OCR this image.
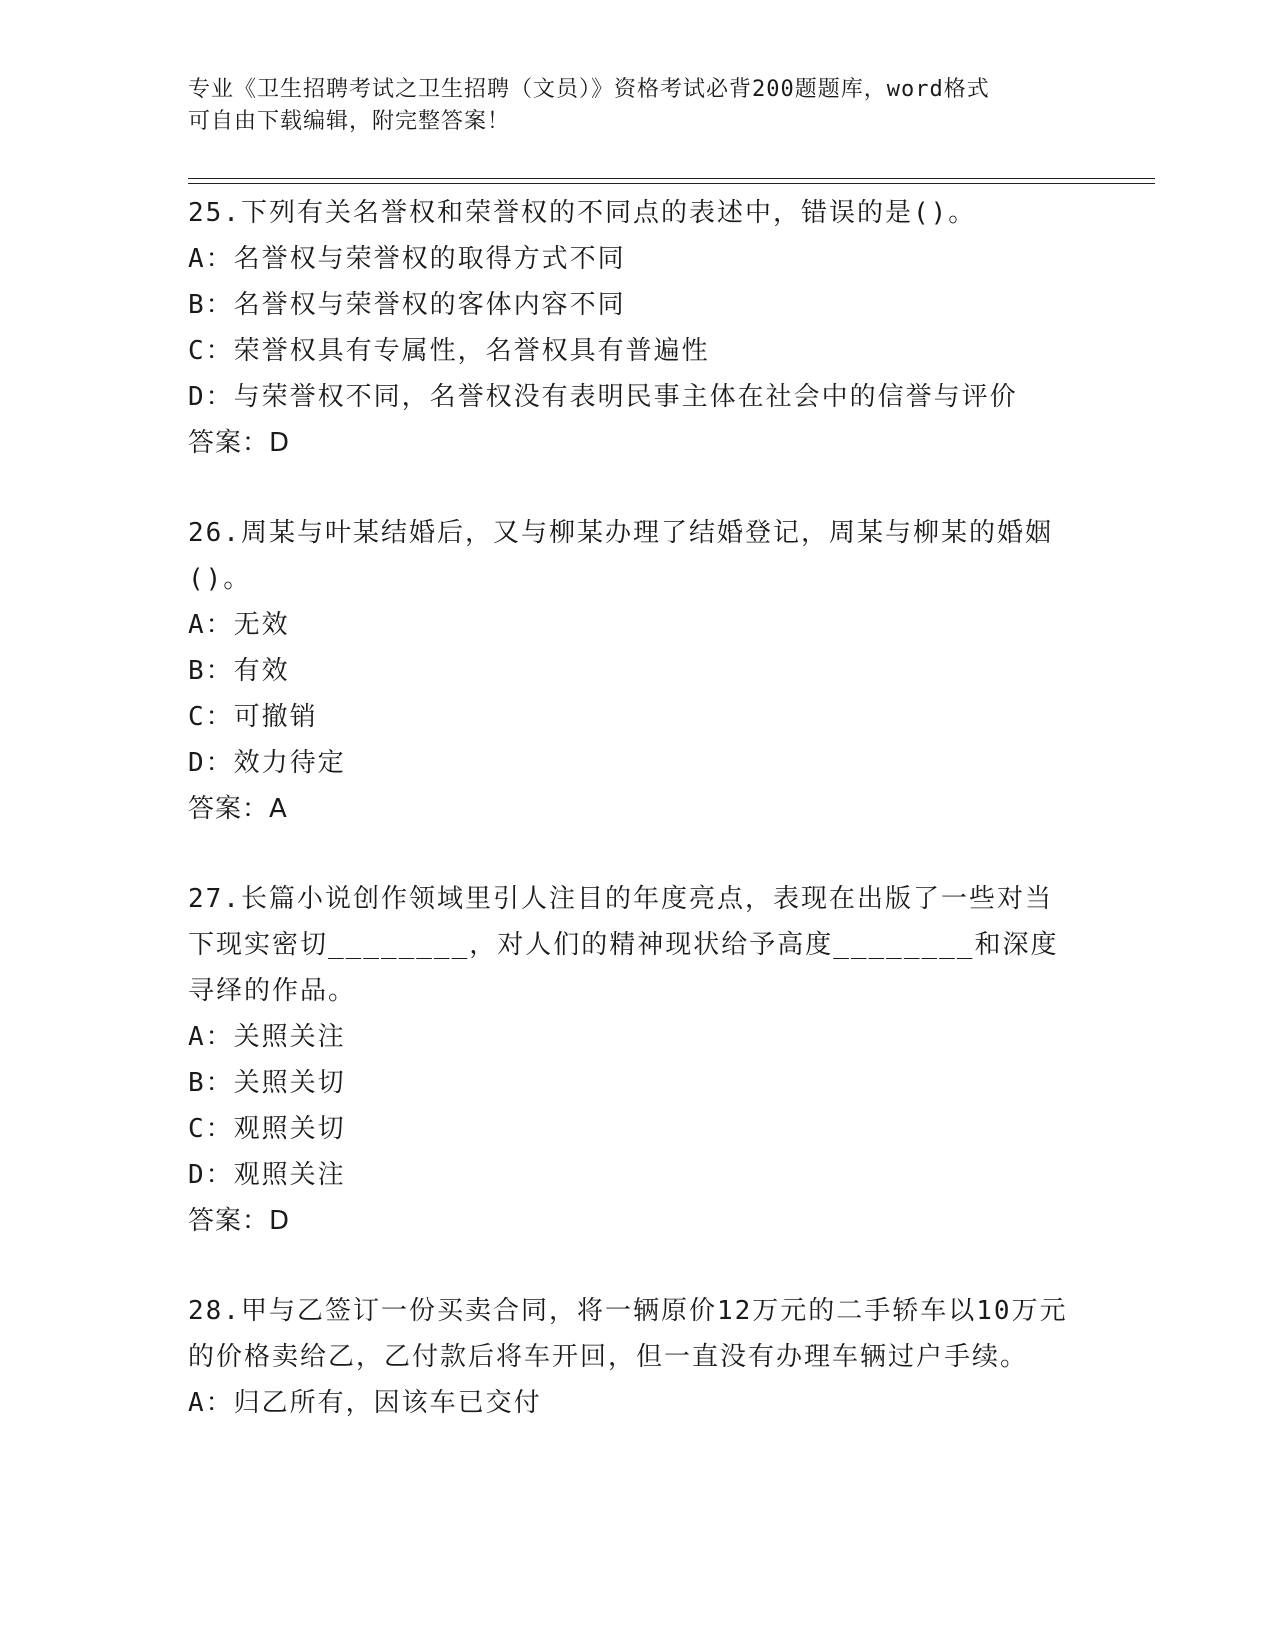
专业《卫生招聘考试之卫生招聘（文员）》资格考试必背200题题库，word格式
可自由下载编辑，附完整答案！
25.下列有关名誉权和荣誉权的不同点的表述中，错误的是()。
A：名誉权与荣誉权的取得方式不同
B：名誉权与荣誉权的客体内容不同
C：荣誉权具有专属性，名誉权具有普遍性
D：与荣誉权不同，名誉权没有表明民事主体在社会中的信誉与评价
答案：D
26.周某与叶某结婚后，又与柳某办理了结婚登记，周某与柳某的婚姻()。
A：无效
B：有效
C：可撤销
D：效力待定
答案：A
27.长篇小说创作领域里引人注目的年度亮点，表现在出版了一些对当下现实密切________，对人们的精神现状给予高度________和深度寻绎的作品。
A：关照关注
B：关照关切
C：观照关切
D：观照关注
答案：D
28.甲与乙签订一份买卖合同，将一辆原价12万元的二手轿车以10万元的价格卖给乙，乙付款后将车开回，但一直没有办理车辆过户手续。
A：归乙所有，因该车已交付
